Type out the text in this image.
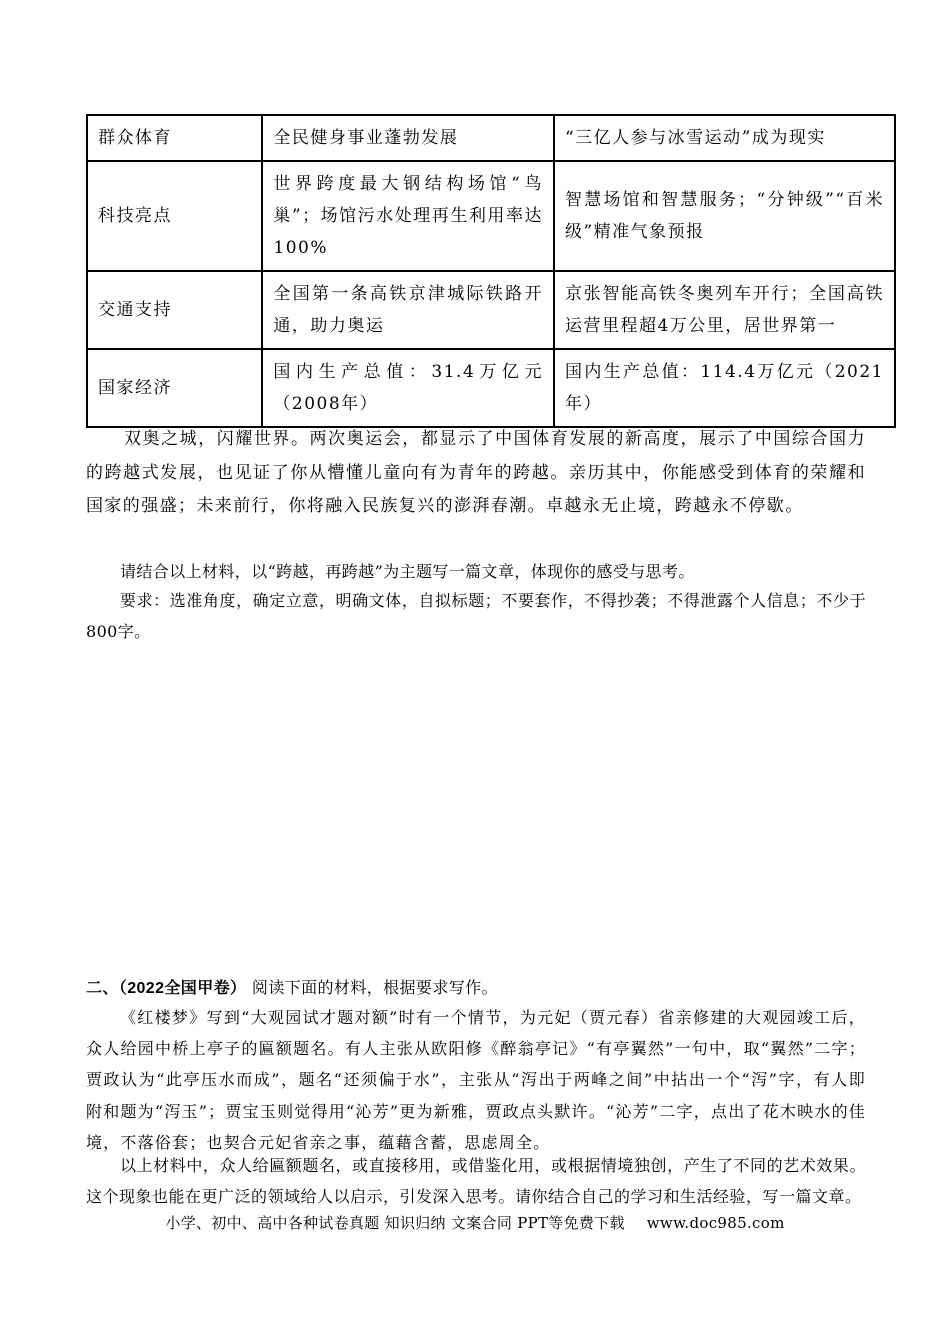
群众体育	全民健身事业蓬勃发展	“三亿人参与冰雪运动”成为现实
科技亮点	世界跨度最大钢结构场馆“鸟巢”；场馆污水处理再生利用率达100%	智慧场馆和智慧服务；“分钟级”“百米级”精准气象预报
交通支持	全国第一条高铁京津城际铁路开通，助力奥运	京张智能高铁冬奥列车开行；全国高铁运营里程超4万公里，居世界第一
国家经济	国内生产总值：31.4万亿元（2008年）	国内生产总值：114.4万亿元（2021年）

双奥之城，闪耀世界。两次奥运会，都显示了中国体育发展的新高度，展示了中国综合国力的跨越式发展，也见证了你从懵懂儿童向有为青年的跨越。亲历其中，你能感受到体育的荣耀和国家的强盛；未来前行，你将融入民族复兴的澎湃春潮。卓越永无止境，跨越永不停歇。

请结合以上材料，以“跨越，再跨越”为主题写一篇文章，体现你的感受与思考。

要求：选准角度，确定立意，明确文体，自拟标题；不要套作，不得抄袭；不得泄露个人信息；不少于800字。

二、（2022全国甲卷） 阅读下面的材料，根据要求写作。

《红楼梦》写到“大观园试才题对额”时有一个情节，为元妃（贾元春）省亲修建的大观园竣工后，众人给园中桥上亭子的匾额题名。有人主张从欧阳修《醉翁亭记》“有亭翼然”一句中，取“翼然”二字；贾政认为“此亭压水而成”，题名“还须偏于水”，主张从“泻出于两峰之间”中拈出一个“泻”字，有人即附和题为“泻玉”；贾宝玉则觉得用“沁芳”更为新雅，贾政点头默许。“沁芳”二字，点出了花木映水的佳境，不落俗套；也契合元妃省亲之事，蕴藉含蓄，思虑周全。

以上材料中，众人给匾额题名，或直接移用，或借鉴化用，或根据情境独创，产生了不同的艺术效果。这个现象也能在更广泛的领域给人以启示，引发深入思考。请你结合自己的学习和生活经验，写一篇文章。

小学、初中、高中各种试卷真题 知识归纳 文案合同 PPT等免费下载 www.doc985.com
